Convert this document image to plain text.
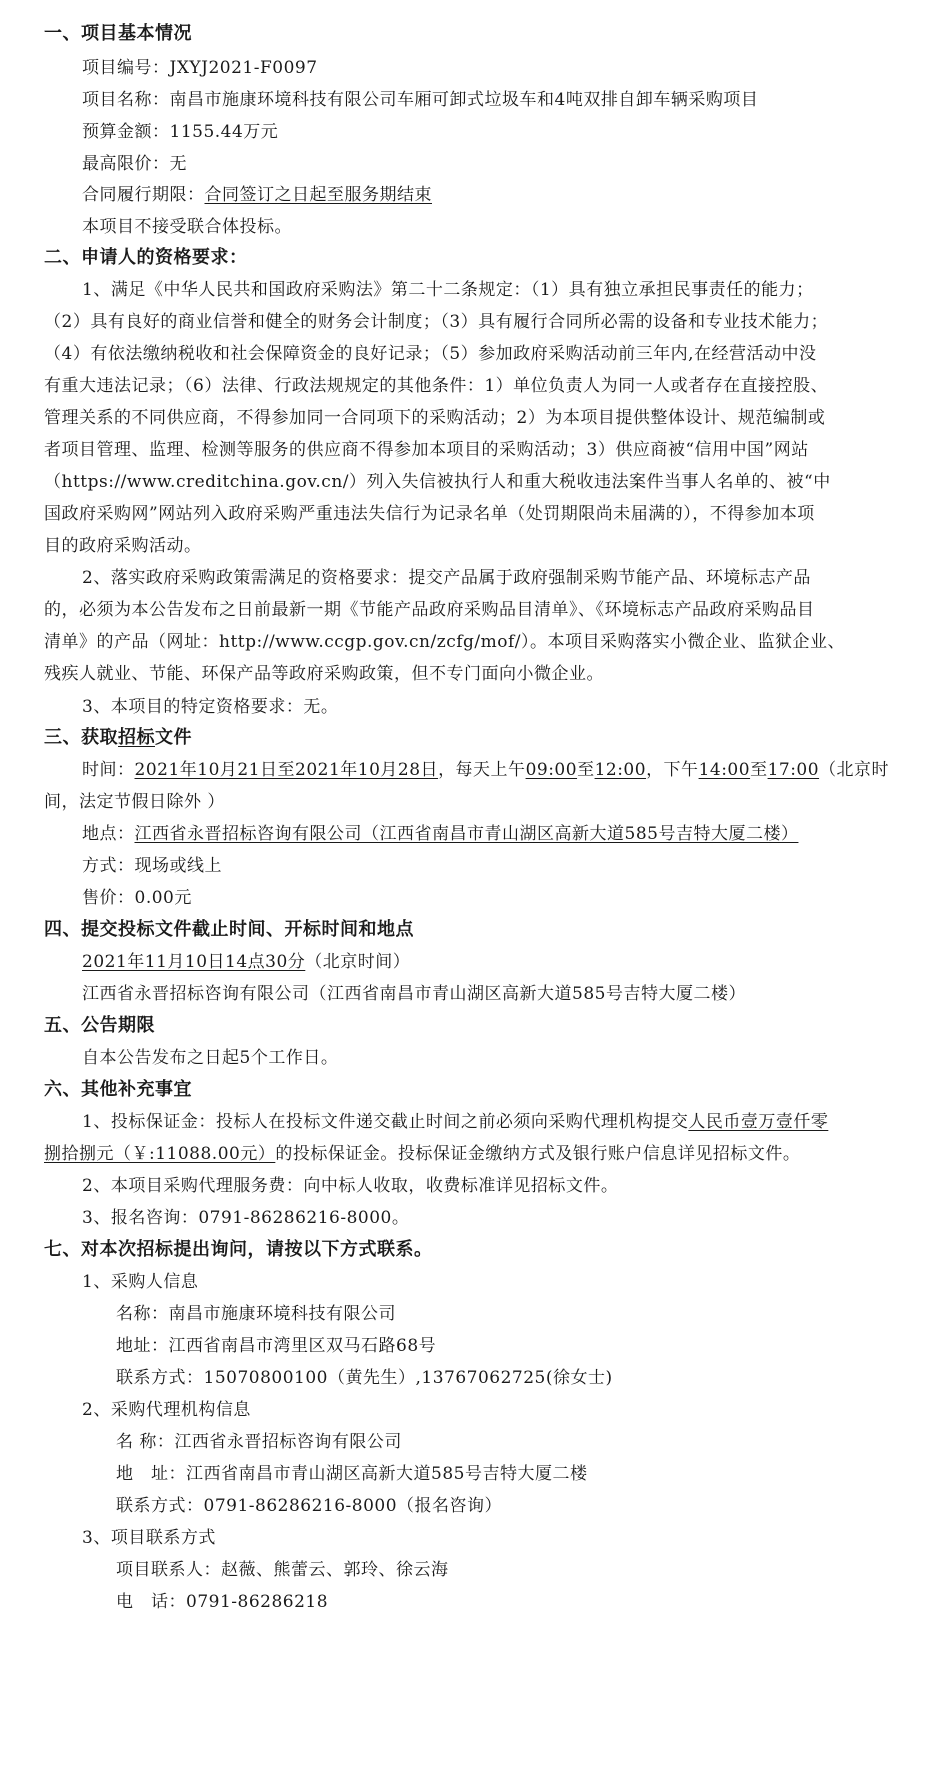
一、项目基本情况
项目编号：JXYJ2021-F0097
项目名称：南昌市施康环境科技有限公司车厢可卸式垃圾车和4吨双排自卸车辆采购项目
预算金额：1155.44万元
最高限价：无
合同履行期限：合同签订之日起至服务期结束
本项目不接受联合体投标。
二、申请人的资格要求：
1、满足《中华人民共和国政府采购法》第二十二条规定：（1）具有独立承担民事责任的能力；
（2）具有良好的商业信誉和健全的财务会计制度；（3）具有履行合同所必需的设备和专业技术能力；
（4）有依法缴纳税收和社会保障资金的良好记录；（5）参加政府采购活动前三年内,在经营活动中没
有重大违法记录；（6）法律、行政法规规定的其他条件：1）单位负责人为同一人或者存在直接控股、
管理关系的不同供应商，不得参加同一合同项下的采购活动；2）为本项目提供整体设计、规范编制或
者项目管理、监理、检测等服务的供应商不得参加本项目的采购活动；3）供应商被“信用中国”网站
（https://www.creditchina.gov.cn/）列入失信被执行人和重大税收违法案件当事人名单的、被“中
国政府采购网”网站列入政府采购严重违法失信行为记录名单（处罚期限尚未届满的），不得参加本项
目的政府采购活动。
2、落实政府采购政策需满足的资格要求：提交产品属于政府强制采购节能产品、环境标志产品
的，必须为本公告发布之日前最新一期《节能产品政府采购品目清单》、《环境标志产品政府采购品目
清单》的产品（网址：http://www.ccgp.gov.cn/zcfg/mof/）。本项目采购落实小微企业、监狱企业、
残疾人就业、节能、环保产品等政府采购政策，但不专门面向小微企业。
3、本项目的特定资格要求：无。
三、获取招标文件
时间：2021年10月21日至2021年10月28日，每天上午09:00至12:00，下午14:00至17:00（北京时
间，法定节假日除外 ）
地点：江西省永晋招标咨询有限公司（江西省南昌市青山湖区高新大道585号吉特大厦二楼）
方式：现场或线上
售价：0.00元
四、提交投标文件截止时间、开标时间和地点
2021年11月10日14点30分（北京时间）
江西省永晋招标咨询有限公司（江西省南昌市青山湖区高新大道585号吉特大厦二楼）
五、公告期限
自本公告发布之日起5个工作日。
六、其他补充事宜
1、投标保证金：投标人在投标文件递交截止时间之前必须向采购代理机构提交人民币壹万壹仟零
捌拾捌元（￥:11088.00元）的投标保证金。投标保证金缴纳方式及银行账户信息详见招标文件。
2、本项目采购代理服务费：向中标人收取，收费标准详见招标文件。
3、报名咨询：0791-86286216-8000。
七、对本次招标提出询问，请按以下方式联系。
1、采购人信息
名称：南昌市施康环境科技有限公司
地址：江西省南昌市湾里区双马石路68号
联系方式：15070800100（黄先生）,13767062725(徐女士)
2、采购代理机构信息
名 称：江西省永晋招标咨询有限公司
地　址：江西省南昌市青山湖区高新大道585号吉特大厦二楼
联系方式：0791-86286216-8000（报名咨询）
3、项目联系方式
项目联系人：赵薇、熊蕾云、郭玲、徐云海
电　话：0791-86286218
